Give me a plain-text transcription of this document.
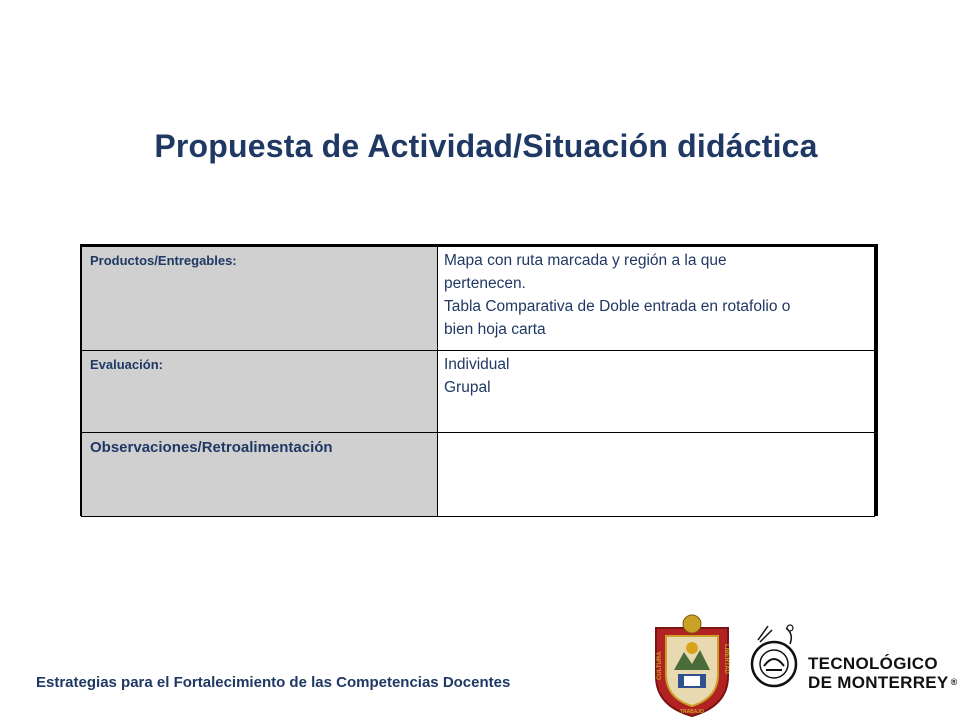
Propuesta de Actividad/Situación didáctica
Productos/Entregables:	Mapa con ruta marcada y región a la que
pertenecen.
Tabla Comparativa de Doble entrada en rotafolio o
bien hoja carta

Evaluación:	Individual
Grupal

Observaciones/Retroalimentación	
Estrategias para el Fortalecimiento de las Competencias Docentes
CULTURA	LIBERTAD
TRABAJO
TECNOLÓGICO
DE MONTERREY ®
